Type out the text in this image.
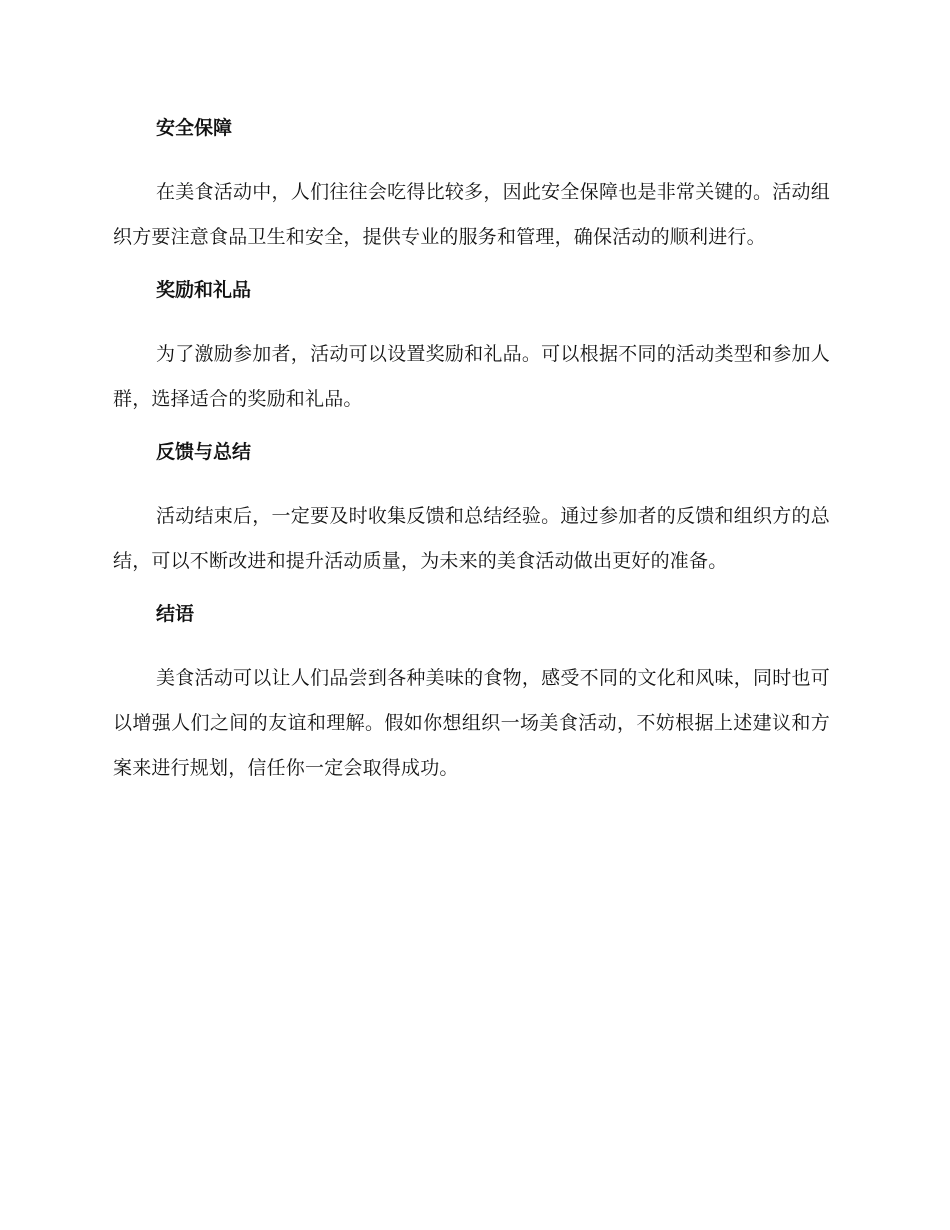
安全保障

在美食活动中，人们往往会吃得比较多，因此安全保障也是非常关键的。活动组织方要注意食品卫生和安全，提供专业的服务和管理，确保活动的顺利进行。

奖励和礼品

为了激励参加者，活动可以设置奖励和礼品。可以根据不同的活动类型和参加人群，选择适合的奖励和礼品。

反馈与总结

活动结束后，一定要及时收集反馈和总结经验。通过参加者的反馈和组织方的总结，可以不断改进和提升活动质量，为未来的美食活动做出更好的准备。

结语

美食活动可以让人们品尝到各种美味的食物，感受不同的文化和风味，同时也可以增强人们之间的友谊和理解。假如你想组织一场美食活动，不妨根据上述建议和方案来进行规划，信任你一定会取得成功。
